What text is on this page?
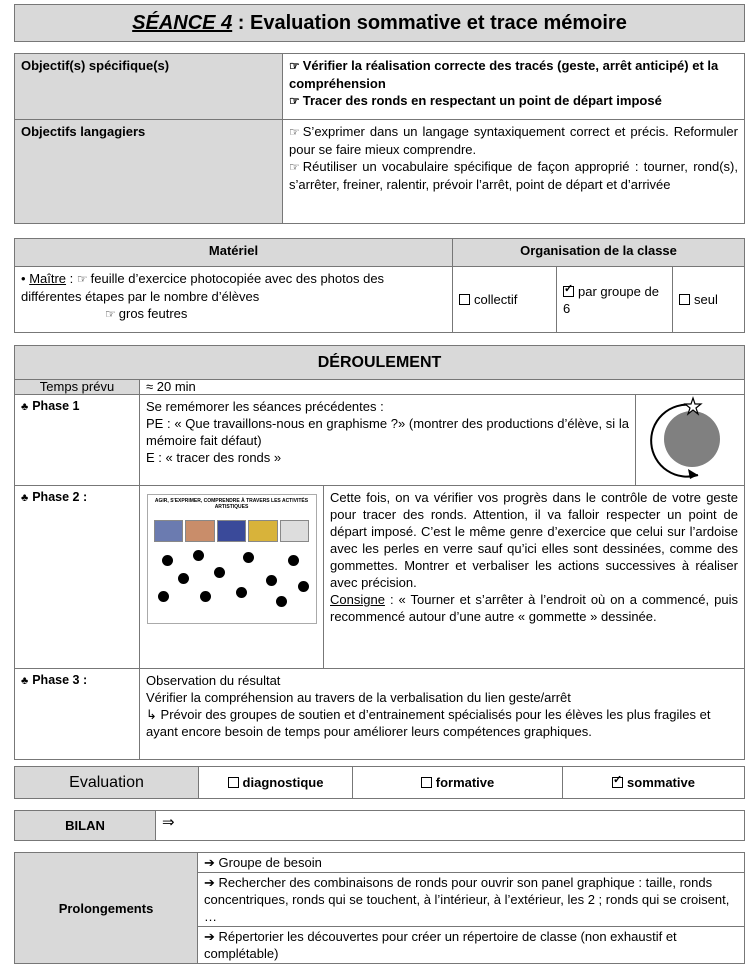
SÉANCE 4 : Evaluation sommative et trace mémoire
Objectif(s) spécifique(s)	☞ Vérifier la réalisation correcte des tracés (geste, arrêt anticipé) et la compréhension
☞ Tracer des ronds en respectant un point de départ imposé

Objectifs langagiers	☞ S’exprimer dans un langage syntaxiquement correct et précis. Reformuler pour se faire mieux comprendre.
☞ Réutiliser un vocabulaire spécifique de façon approprié : tourner, rond(s), s’arrêter, freiner, ralentir, prévoir l’arrêt, point de départ et d’arrivée
Matériel	Organisation de la classe		

• Maître : ☞ feuille d’exercice photocopiée avec des photos des différentes étapes par le nombre d’élèves
☞ gros feutres	collectif	✓par groupe de 6	seul
DÉROULEMENT			
Temps prévu	≈ 20 min		
♣ Phase 1	Se remémorer les séances précédentes :
PE : « Que travaillons-nous en graphisme ?» (montrer des productions d’élève, si la mémoire fait défaut)
E : « tracer des ronds »

♣ Phase 2 :	AGIR, S'EXPRIMER, COMPRENDRE À TRAVERS LES ACTIVITÉS ARTISTIQUES	Cette fois, on va vérifier vos progrès dans le contrôle de votre geste pour tracer des ronds. Attention, il va falloir respecter un point de départ imposé. C’est le même genre d’exercice que celui sur l’ardoise avec les perles en verre sauf qu’ici elles sont dessinées, comme des gommettes. Montrer et verbaliser les actions successives à réaliser avec précision.
Consigne : « Tourner et s’arrêter à l’endroit où on a commencé, puis recommencé autour d’une autre « gommette » dessinée.	

♣ Phase 3 :	Observation du résultat
Vérifier la compréhension au travers de la verbalisation du lien geste/arrêt
↳ Prévoir des groupes de soutien et d’entrainement spécialisés pour les élèves les plus fragiles et ayant encore besoin de temps pour améliorer leurs compétences graphiques.		
Evaluation	diagnostique	formative	✓sommative
BILAN	⇒
Prolongements	➔ Groupe de besoin
➔ Rechercher des combinaisons de ronds pour ouvrir son panel graphique : taille, ronds concentriques, ronds qui se touchent, à l’intérieur, à l’extérieur, les 2 ; ronds qui se croisent, …
➔ Répertorier les découvertes pour créer un répertoire de classe (non exhaustif et complétable)
